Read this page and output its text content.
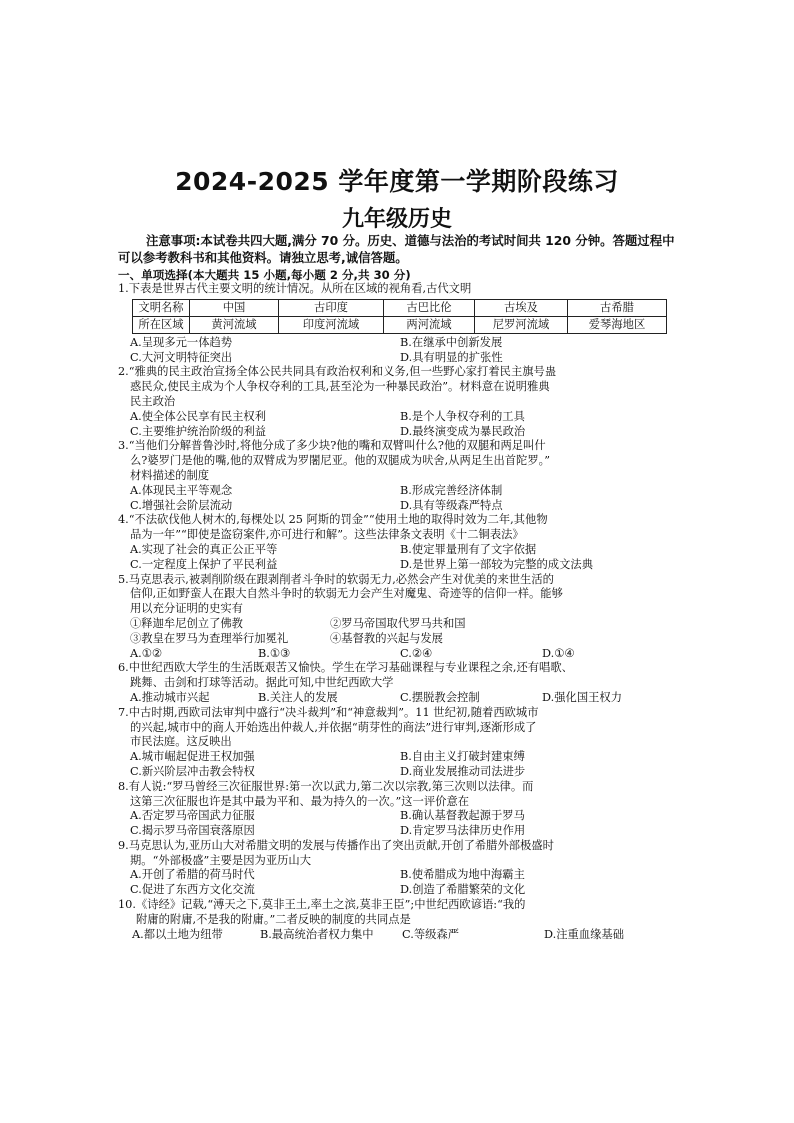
2024-2025 学年度第一学期阶段练习
九年级历史
注意事项:本试卷共四大题,满分 70 分。历史、道德与法治的考试时间共 120 分钟。答题过程中可以参考教科书和其他资料。请独立思考,诚信答题。
一、单项选择(本大题共 15 小题,每小题 2 分,共 30 分)

1.下表是世界古代主要文明的统计情况。从所在区域的视角看,古代文明

文明名称	中国	古印度	古巴比伦	古埃及	古希腊
所在区域	黄河流域	印度河流域	两河流域	尼罗河流域	爱琴海地区
A.呈现多元一体趋势	B.在继承中创新发展
C.大河文明特征突出	D.具有明显的扩张性

2.“雅典的民主政治宣扬全体公民共同具有政治权利和义务,但一些野心家打着民主旗号蛊

惑民众,使民主成为个人争权夺利的工具,甚至沦为一种暴民政治”。材料意在说明雅典

民主政治

A.使全体公民享有民主权利	B.是个人争权夺利的工具
C.主要维护统治阶级的利益	D.最终演变成为暴民政治

3.“当他们分解普鲁沙时,将他分成了多少块?他的嘴和双臂叫什么?他的双腿和两足叫什

么?婆罗门是他的嘴,他的双臂成为罗闍尼亚。他的双腿成为吠舍,从两足生出首陀罗。”

材料描述的制度

A.体现民主平等观念	B.形成完善经济体制
C.增强社会阶层流动	D.具有等级森严特点

4.“不法砍伐他人树木的,每棵处以 25 阿斯的罚金”“使用土地的取得时效为二年,其他物

品为一年”“即使是盗窃案件,亦可进行和解”。这些法律条文表明《十二铜表法》

A.实现了社会的真正公正平等	B.使定罪量刑有了文字依据
C.一定程度上保护了平民利益	D.是世界上第一部较为完整的成文法典

5.马克思表示,被剥削阶级在跟剥削者斗争时的软弱无力,必然会产生对优美的来世生活的

信仰,正如野蛮人在跟大自然斗争时的软弱无力会产生对魔鬼、奇迹等的信仰一样。能够

用以充分证明的史实有

①释迦牟尼创立了佛教	②罗马帝国取代罗马共和国
③教皇在罗马为查理举行加冕礼	④基督教的兴起与发展
A.①②	B.①③	C.②④	D.①④

6.中世纪西欧大学生的生活既艰苦又愉快。学生在学习基础课程与专业课程之余,还有唱歌、

跳舞、击剑和打球等活动。据此可知,中世纪西欧大学

A.推动城市兴起	B.关注人的发展	C.摆脱教会控制	D.强化国王权力

7.中古时期,西欧司法审判中盛行“决斗裁判”和“神意裁判”。11 世纪初,随着西欧城市

的兴起,城市中的商人开始选出仲裁人,并依据“萌芽性的商法”进行审判,逐渐形成了

市民法庭。这反映出

A.城市崛起促进王权加强	B.自由主义打破封建束缚
C.新兴阶层冲击教会特权	D.商业发展推动司法进步

8.有人说:“罗马曾经三次征服世界:第一次以武力,第二次以宗教,第三次则以法律。而

这第三次征服也许是其中最为平和、最为持久的一次。”这一评价意在

A.否定罗马帝国武力征服	B.确认基督教起源于罗马
C.揭示罗马帝国衰落原因	D.肯定罗马法律历史作用

9.马克思认为,亚历山大对希腊文明的发展与传播作出了突出贡献,开创了希腊外部极盛时

期。“外部极盛”主要是因为亚历山大

A.开创了希腊的荷马时代	B.使希腊成为地中海霸主
C.促进了东西方文化交流	D.创造了希腊繁荣的文化

10.《诗经》记载,“溥天之下,莫非王土,率土之滨,莫非王臣”;中世纪西欧谚语:“我的

附庸的附庸,不是我的附庸。”二者反映的制度的共同点是

A.都以土地为纽带	B.最高统治者权力集中	C.等级森严	D.注重血缘基础
